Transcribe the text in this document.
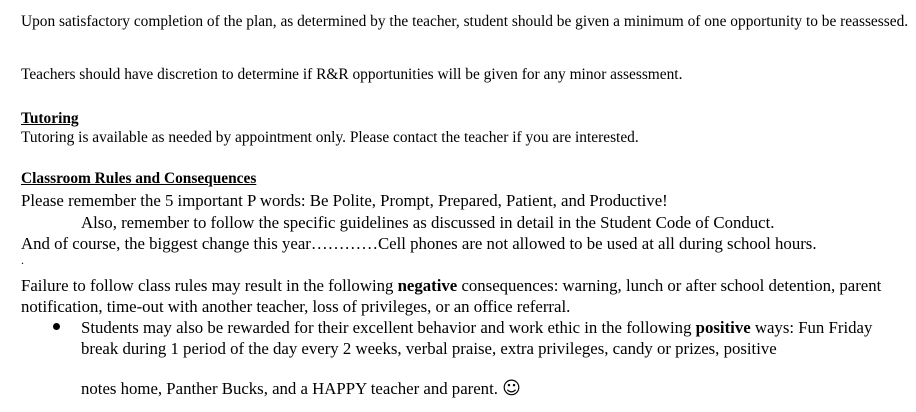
Upon satisfactory completion of the plan, as determined by the teacher, student should be given a minimum of one opportunity to be reassessed.

Teachers should have discretion to determine if R&R opportunities will be given for any minor assessment.

Tutoring

Tutoring is available as needed by appointment only. Please contact the teacher if you are interested.

Classroom Rules and Consequences

Please remember the 5 important P words: Be Polite, Prompt, Prepared, Patient, and Productive!

Also, remember to follow the specific guidelines as discussed in detail in the Student Code of Conduct.

And of course, the biggest change this year…………Cell phones are not allowed to be used at all during school hours.

.

Failure to follow class rules may result in the following negative consequences: warning, lunch or after school detention, parent notification, time-out with another teacher, loss of privileges, or an office referral.

Students may also be rewarded for their excellent behavior and work ethic in the following positive ways: Fun Friday break during 1 period of the day every 2 weeks, verbal praise, extra privileges, candy or prizes, positive

notes home, Panther Bucks, and a HAPPY teacher and parent. ☺
